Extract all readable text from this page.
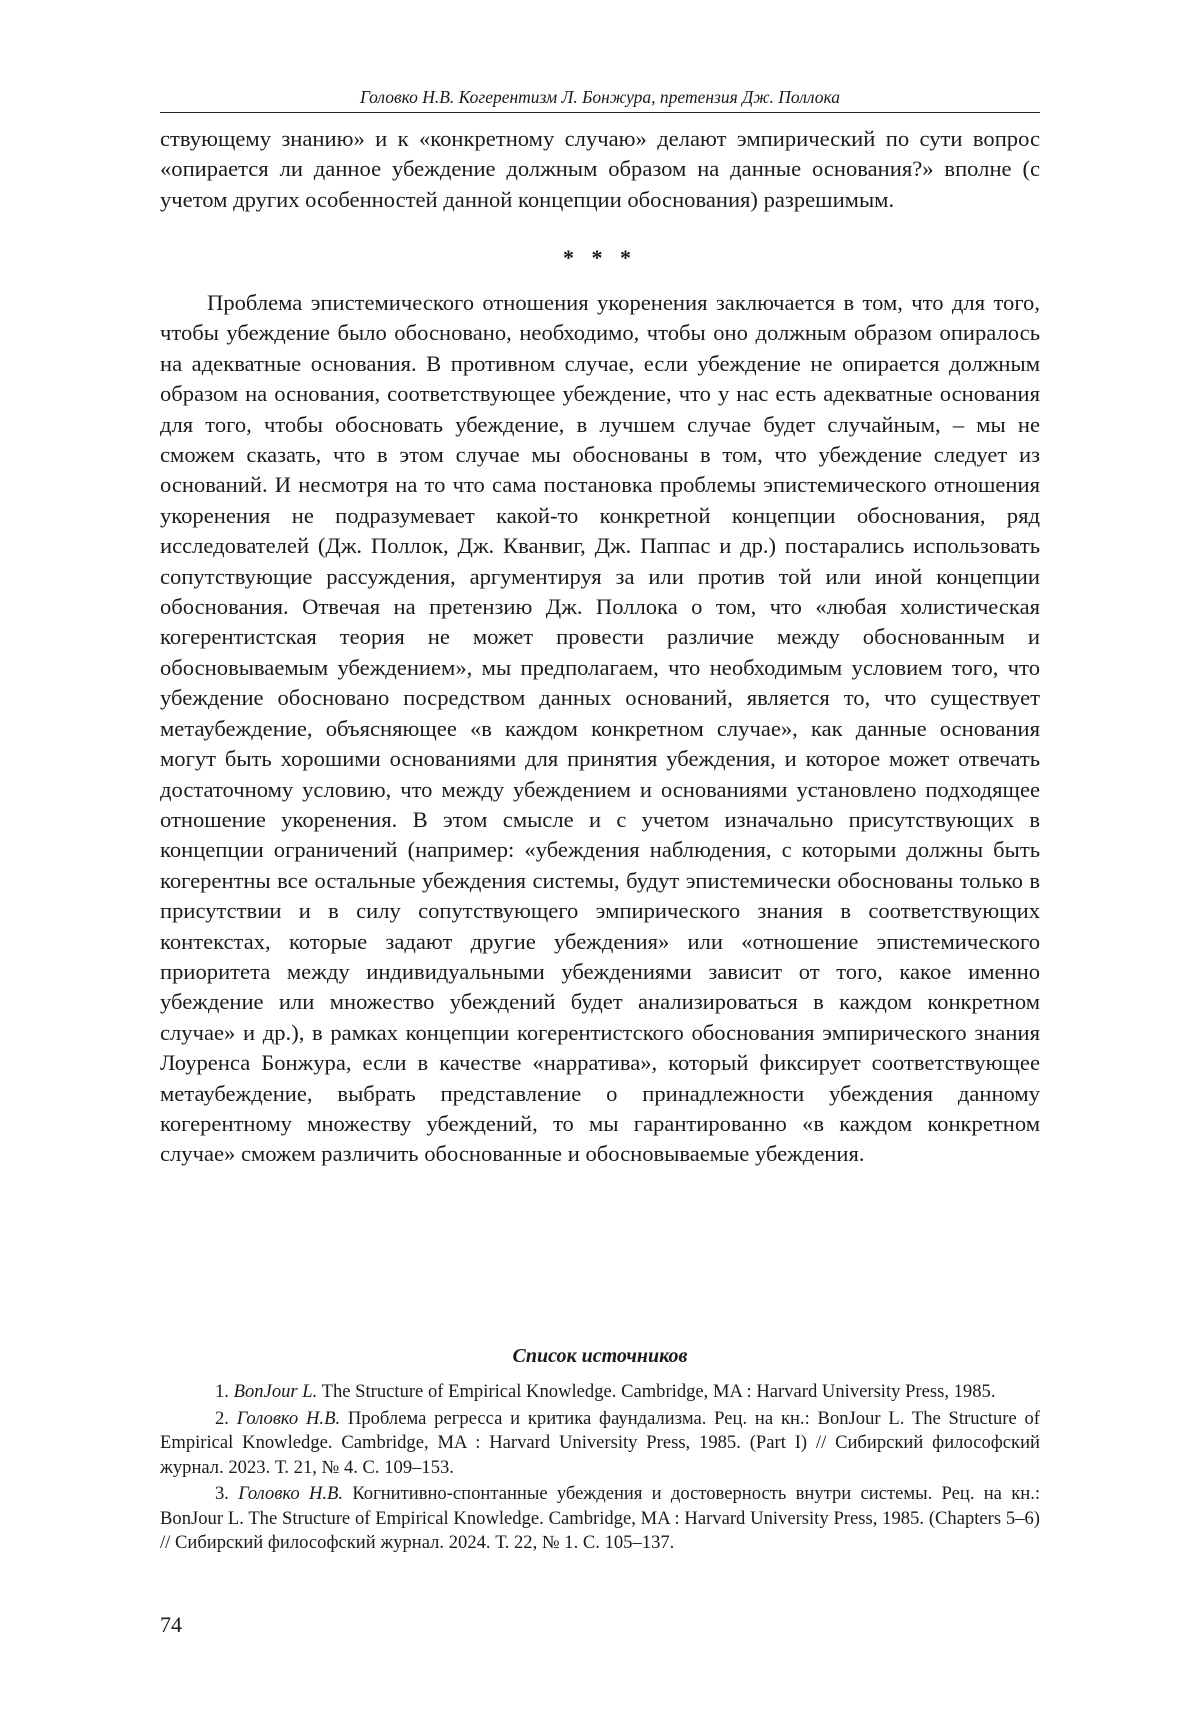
Головко Н.В. Когерентизм Л. Бонжура, претензия Дж. Поллока

ствующему знанию» и к «конкретному случаю» делают эмпирический по сути вопрос «опирается ли данное убеждение должным образом на данные основания?» вполне (с учетом других особенностей данной концепции обоснования) разрешимым.

* * *

Проблема эпистемического отношения укоренения заключается в том, что для того, чтобы убеждение было обосновано, необходимо, чтобы оно должным образом опиралось на адекватные основания. В противном случае, если убеждение не опирается должным образом на основания, соответствующее убеждение, что у нас есть адекватные основания для того, чтобы обосновать убеждение, в лучшем случае будет случайным, – мы не сможем сказать, что в этом случае мы обоснованы в том, что убеждение следует из оснований. И несмотря на то что сама постановка проблемы эпистемического отношения укоренения не подразумевает какой-то конкретной концепции обоснования, ряд исследователей (Дж. Поллок, Дж. Кванвиг, Дж. Паппас и др.) постарались использовать сопутствующие рассуждения, аргументируя за или против той или иной концепции обоснования. Отвечая на претензию Дж. Поллока о том, что «любая холистическая когерентистская теория не может провести различие между обоснованным и обосновываемым убеждением», мы предполагаем, что необходимым условием того, что убеждение обосновано посредством данных оснований, является то, что существует метаубеждение, объясняющее «в каждом конкретном случае», как данные основания могут быть хорошими основаниями для принятия убеждения, и которое может отвечать достаточному условию, что между убеждением и основаниями установлено подходящее отношение укоренения. В этом смысле и с учетом изначально присутствующих в концепции ограничений (например: «убеждения наблюдения, с которыми должны быть когерентны все остальные убеждения системы, будут эпистемически обоснованы только в присутствии и в силу сопутствующего эмпирического знания в соответствующих контекстах, которые задают другие убеждения» или «отношение эпистемического приоритета между индивидуальными убеждениями зависит от того, какое именно убеждение или множество убеждений будет анализироваться в каждом конкретном случае» и др.), в рамках концепции когерентистского обоснования эмпирического знания Лоуренса Бонжура, если в качестве «нарратива», который фиксирует соответствующее метаубеждение, выбрать представление о принадлежности убеждения данному когерентному множеству убеждений, то мы гарантированно «в каждом конкретном случае» сможем различить обоснованные и обосновываемые убеждения.

Список источников

1. BonJour L. The Structure of Empirical Knowledge. Cambridge, MA : Harvard University Press, 1985.

2. Головко Н.В. Проблема регресса и критика фаундализма. Рец. на кн.: BonJour L. The Structure of Empirical Knowledge. Cambridge, MA : Harvard University Press, 1985. (Part I) // Сибирский философский журнал. 2023. Т. 21, № 4. С. 109–153.

3. Головко Н.В. Когнитивно-спонтанные убеждения и достоверность внутри системы. Рец. на кн.: BonJour L. The Structure of Empirical Knowledge. Cambridge, MA : Harvard University Press, 1985. (Chapters 5–6) // Сибирский философский журнал. 2024. Т. 22, № 1. С. 105–137.

74
